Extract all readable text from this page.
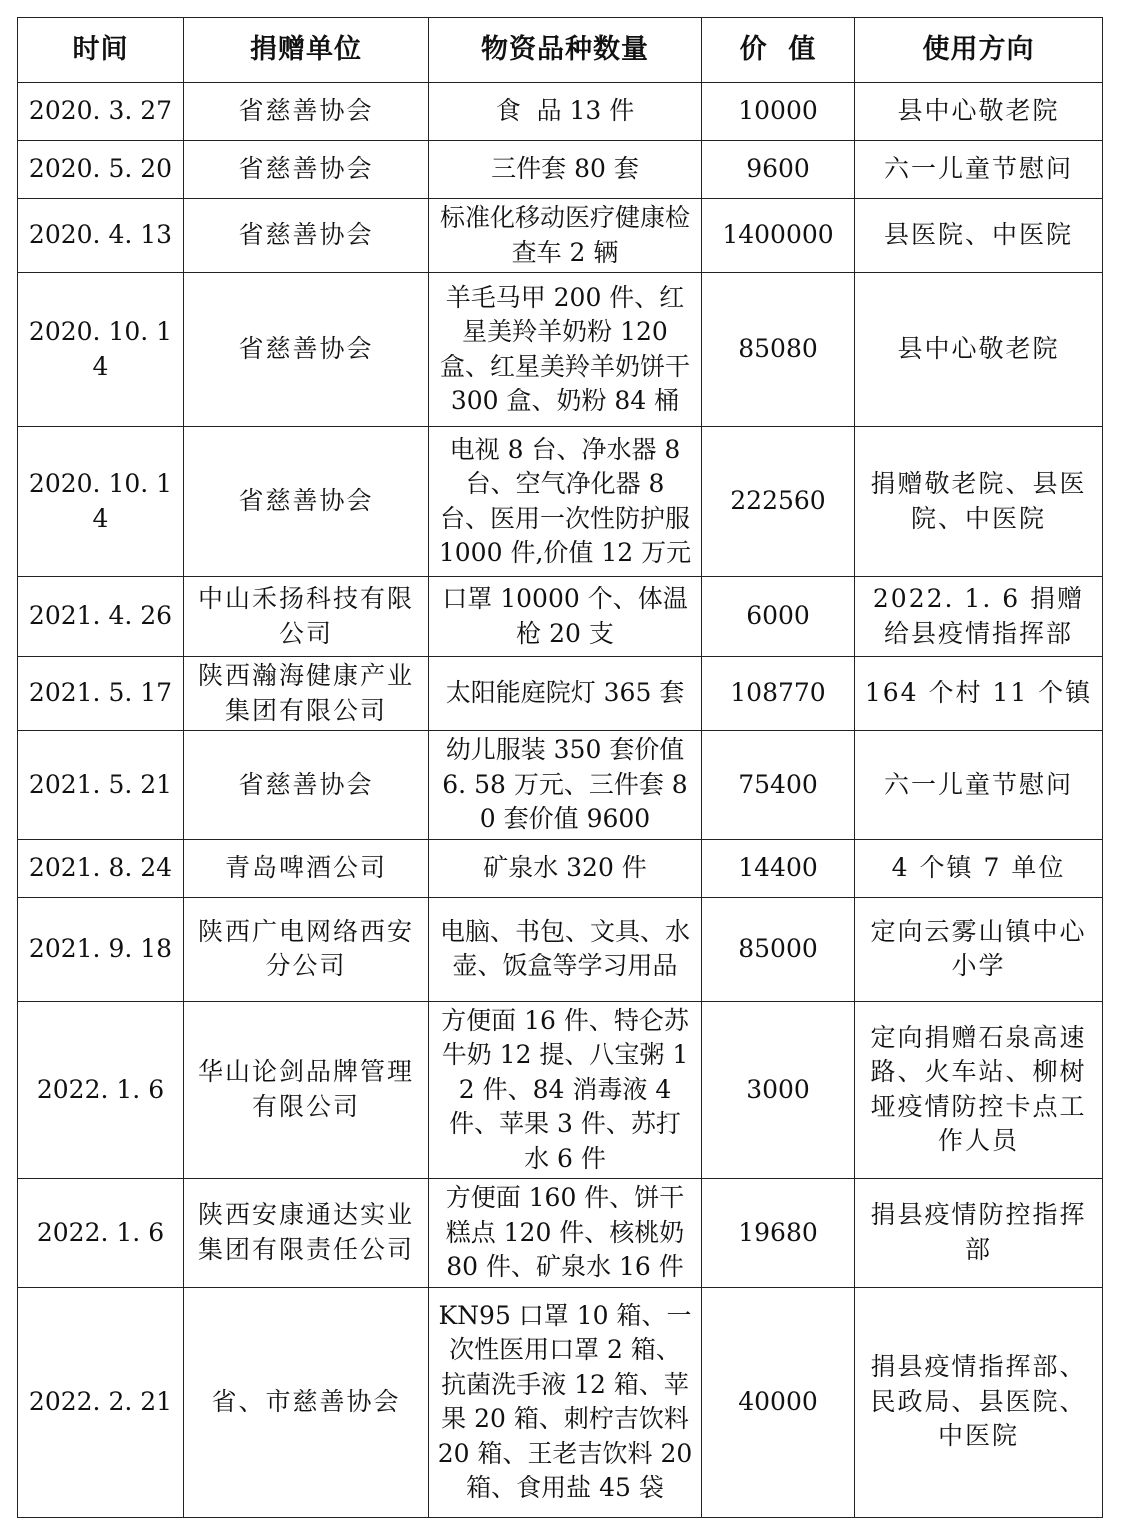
时间	捐赠单位	物资品种数量	价  值	使用方向
2020. 3. 27	省慈善协会	食  品 13 件	10000	县中心敬老院
2020. 5. 20	省慈善协会	三件套 80 套	9600	六一儿童节慰问
2020. 4. 13	省慈善协会	标准化移动医疗健康检查车 2 辆	1400000	县医院、中医院
2020. 10. 14	省慈善协会	羊毛马甲 200 件、红星美羚羊奶粉 120 盒、红星美羚羊奶饼干 300 盒、奶粉 84 桶	85080	县中心敬老院
2020. 10. 14	省慈善协会	电视 8 台、净水器 8 台、空气净化器 8 台、医用一次性防护服 1000 件,价值 12 万元	222560	捐赠敬老院、县医院、中医院
2021. 4. 26	中山禾扬科技有限公司	口罩 10000 个、体温枪 20 支	6000	2022. 1. 6 捐赠给县疫情指挥部
2021. 5. 17	陕西瀚海健康产业集团有限公司	太阳能庭院灯 365 套	108770	164 个村 11 个镇
2021. 5. 21	省慈善协会	幼儿服装 350 套价值 6. 58 万元、三件套 80 套价值 9600	75400	六一儿童节慰问
2021. 8. 24	青岛啤酒公司	矿泉水 320 件	14400	4 个镇 7 单位
2021. 9. 18	陕西广电网络西安分公司	电脑、书包、文具、水壶、饭盒等学习用品	85000	定向云雾山镇中心小学
2022. 1. 6	华山论剑品牌管理有限公司	方便面 16 件、特仑苏牛奶 12 提、八宝粥 12 件、84 消毒液 4 件、苹果 3 件、苏打水 6 件	3000	定向捐赠石泉高速路、火车站、柳树垭疫情防控卡点工作人员
2022. 1. 6	陕西安康通达实业集团有限责任公司	方便面 160 件、饼干糕点 120 件、核桃奶 80 件、矿泉水 16 件	19680	捐县疫情防控指挥部
2022. 2. 21	省、市慈善协会	KN95 口罩 10 箱、一次性医用口罩 2 箱、抗菌洗手液 12 箱、苹果 20 箱、刺柠吉饮料 20 箱、王老吉饮料 20 箱、食用盐 45 袋	40000	捐县疫情指挥部、民政局、县医院、中医院
